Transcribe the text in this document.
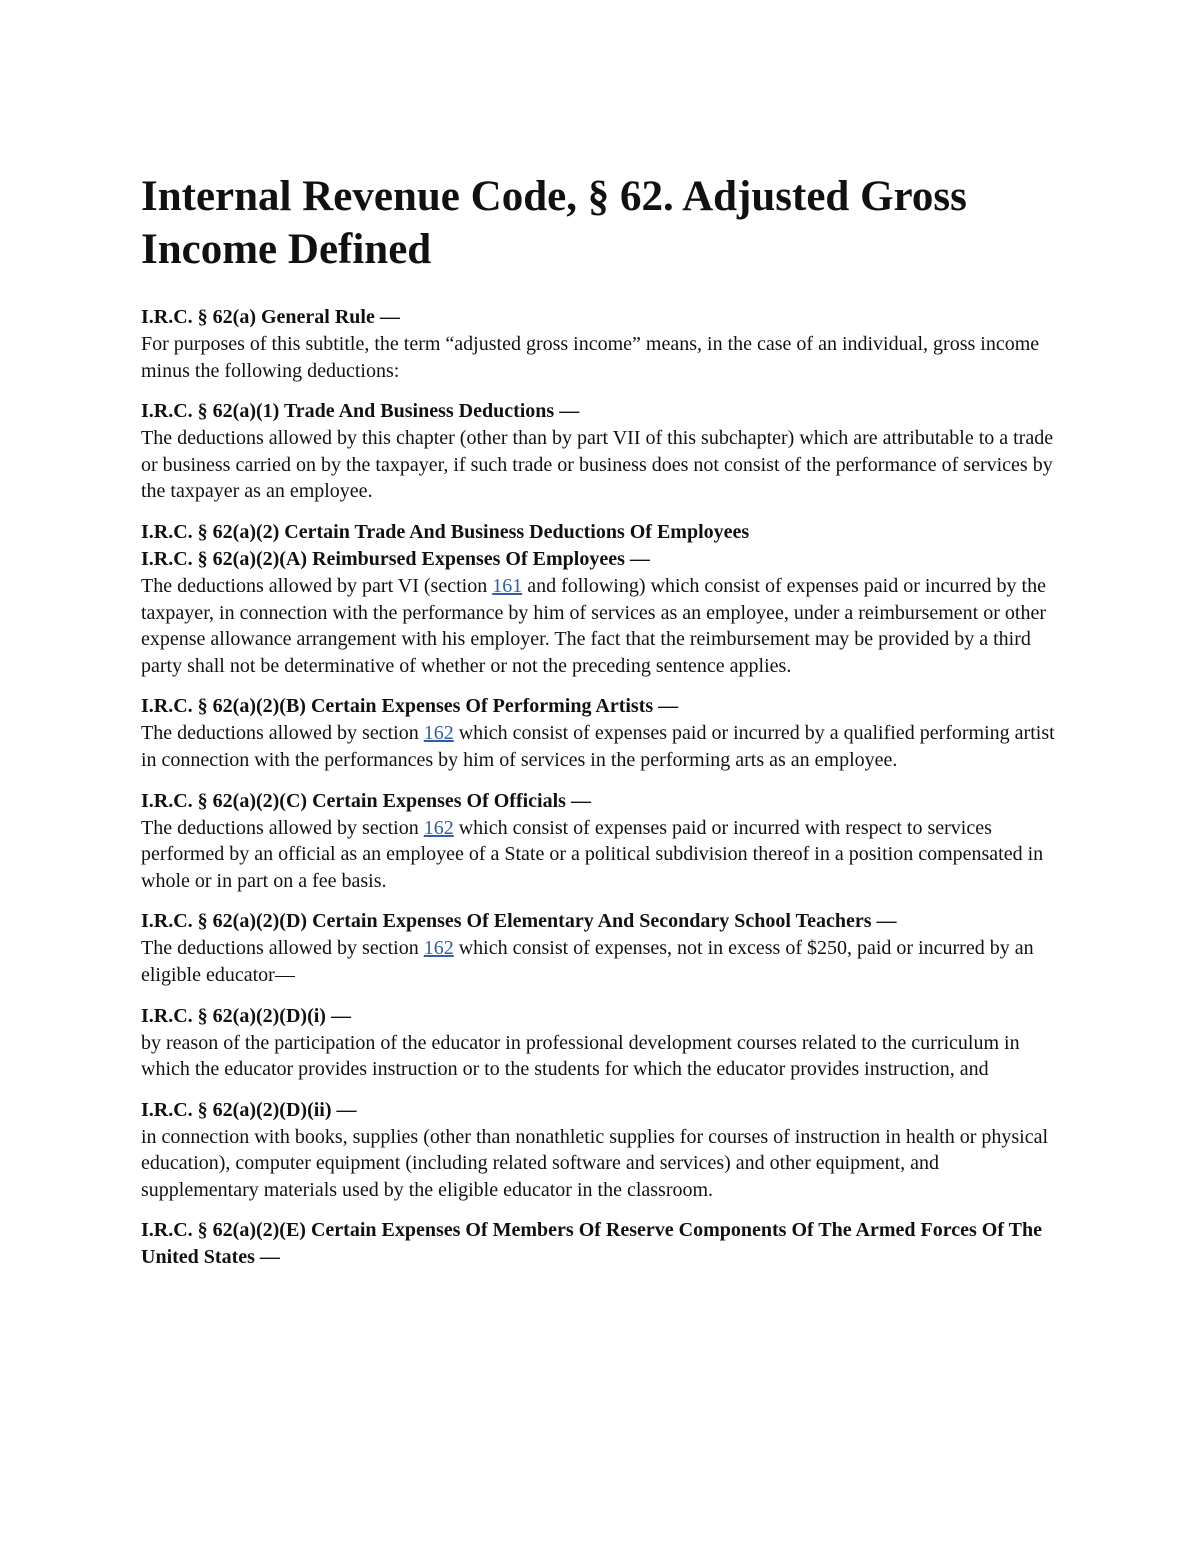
Internal Revenue Code, § 62. Adjusted Gross Income Defined

I.R.C. § 62(a) General Rule —

For purposes of this subtitle, the term “adjusted gross income” means, in the case of an individual, gross income minus the following deductions:

I.R.C. § 62(a)(1) Trade And Business Deductions —

The deductions allowed by this chapter (other than by part VII of this subchapter) which are attributable to a trade or business carried on by the taxpayer, if such trade or business does not consist of the performance of services by the taxpayer as an employee.

I.R.C. § 62(a)(2) Certain Trade And Business Deductions Of Employees

I.R.C. § 62(a)(2)(A) Reimbursed Expenses Of Employees —

The deductions allowed by part VI (section 161 and following) which consist of expenses paid or incurred by the taxpayer, in connection with the performance by him of services as an employee, under a reimbursement or other expense allowance arrangement with his employer. The fact that the reimbursement may be provided by a third party shall not be determinative of whether or not the preceding sentence applies.

I.R.C. § 62(a)(2)(B) Certain Expenses Of Performing Artists —

The deductions allowed by section 162 which consist of expenses paid or incurred by a qualified performing artist in connection with the performances by him of services in the performing arts as an employee.

I.R.C. § 62(a)(2)(C) Certain Expenses Of Officials —

The deductions allowed by section 162 which consist of expenses paid or incurred with respect to services performed by an official as an employee of a State or a political subdivision thereof in a position compensated in whole or in part on a fee basis.

I.R.C. § 62(a)(2)(D) Certain Expenses Of Elementary And Secondary School Teachers —

The deductions allowed by section 162 which consist of expenses, not in excess of $250, paid or incurred by an eligible educator—

I.R.C. § 62(a)(2)(D)(i) —

by reason of the participation of the educator in professional development courses related to the curriculum in which the educator provides instruction or to the students for which the educator provides instruction, and

I.R.C. § 62(a)(2)(D)(ii) —

in connection with books, supplies (other than nonathletic supplies for courses of instruction in health or physical education), computer equipment (including related software and services) and other equipment, and supplementary materials used by the eligible educator in the classroom.

I.R.C. § 62(a)(2)(E) Certain Expenses Of Members Of Reserve Components Of The Armed Forces Of The United States —
